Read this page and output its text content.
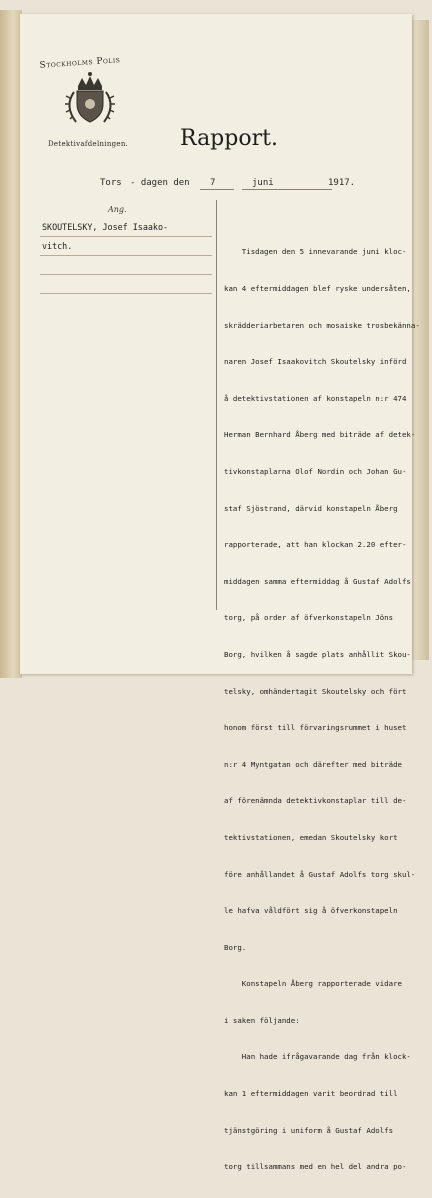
Stockholms Polis
Detektivafdelningen. Rapport.
Tors - dagen den 7	juni	1917.
Ang.
SKOUTELSKY, Josef Isaako-
vitch.

Tisdagen den 5 innevarande juni kloc-

kan 4 eftermiddagen blef ryske undersåten,

skrädderiarbetaren och mosaiske trosbekänna-

naren Josef Isaakovitch Skoutelsky införd

å detektivstationen af konstapeln n:r 474

Herman Bernhard Åberg med biträde af detek-

tivkonstaplarna Olof Nordin och Johan Gu-

staf Sjöstrand, därvid konstapeln Åberg

rapporterade, att han klockan 2.20 efter-

middagen samma eftermiddag å Gustaf Adolfs

torg, på order af öfverkonstapeln Jöns

Borg, hvilken å sagde plats anhållit Skou-

telsky, omhändertagit Skoutelsky och fört

honom först till förvaringsrummet i huset

n:r 4 Myntgatan och därefter med biträde

af förenämnda detektivkonstaplar till de-

tektivstationen, emedan Skoutelsky kort

före anhållandet å Gustaf Adolfs torg skul-

le hafva våldfört sig å öfverkonstapeln

Borg.

Konstapeln Åberg rapporterade vidare

i saken följande:

Han hade ifrågavarande dag från klock-

kan 1 eftermiddagen varit beordrad till

tjänstgöring i uniform å Gustaf Adolfs

torg tillsammans med en hel del andra po-
